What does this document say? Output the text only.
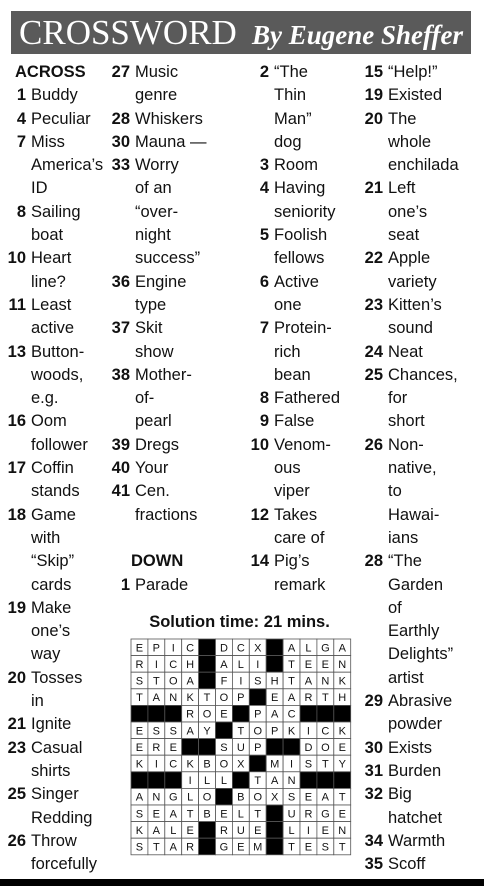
CROSSWORD By Eugene Sheffer
ACROSS
1 Buddy
4 Peculiar
7 Miss
America’s
ID
8 Sailing
boat
10 Heart
line?
11 Least
active
13 Button-
woods,
e.g.
16 Oom
follower
17 Coffin
stands
18 Game
with
“Skip”
cards
19 Make
one’s
way
20 Tosses
in
21 Ignite
23 Casual
shirts
25 Singer
Redding
26 Throw
forcefully
27 Music
genre
28 Whiskers
30 Mauna —
33 Worry
of an
“over-
night
success”
36 Engine
type
37 Skit
show
38 Mother-
of-
pearl
39 Dregs
40 Your
41 Cen.
fractions
DOWN
1 Parade
2 “The
Thin
Man”
dog
3 Room
4 Having
seniority
5 Foolish
fellows
6 Active
one
7 Protein-
rich
bean
8 Fathered
9 False
10 Venom-
ous
viper
12 Takes
care of
14 Pig’s
remark
15 “Help!”
19 Existed
20 The
whole
enchilada
21 Left
one’s
seat
22 Apple
variety
23 Kitten’s
sound
24 Neat
25 Chances,
for
short
26 Non-
native,
to
Hawai-
ians
28 “The
Garden
of
Earthly
Delights”
artist
29 Abrasive
powder
30 Exists
31 Burden
32 Big
hatchet
34 Warmth
35 Scoff
Solution time: 21 mins.
E P I C D C X A L G A
R I C H A L I	T E E N
S T O A F I S H T A N K
T A N K T O P E A R T H
R O E P A C
E S S A Y T O P K I C K
E R E	S U P	D O E
K I C K B O X M I S T Y
I L L T A N
A N G L O B O X S E A T
S E A T B E L T U R G E
K A L E R U E L I E N
S T A R G E M T E S T
